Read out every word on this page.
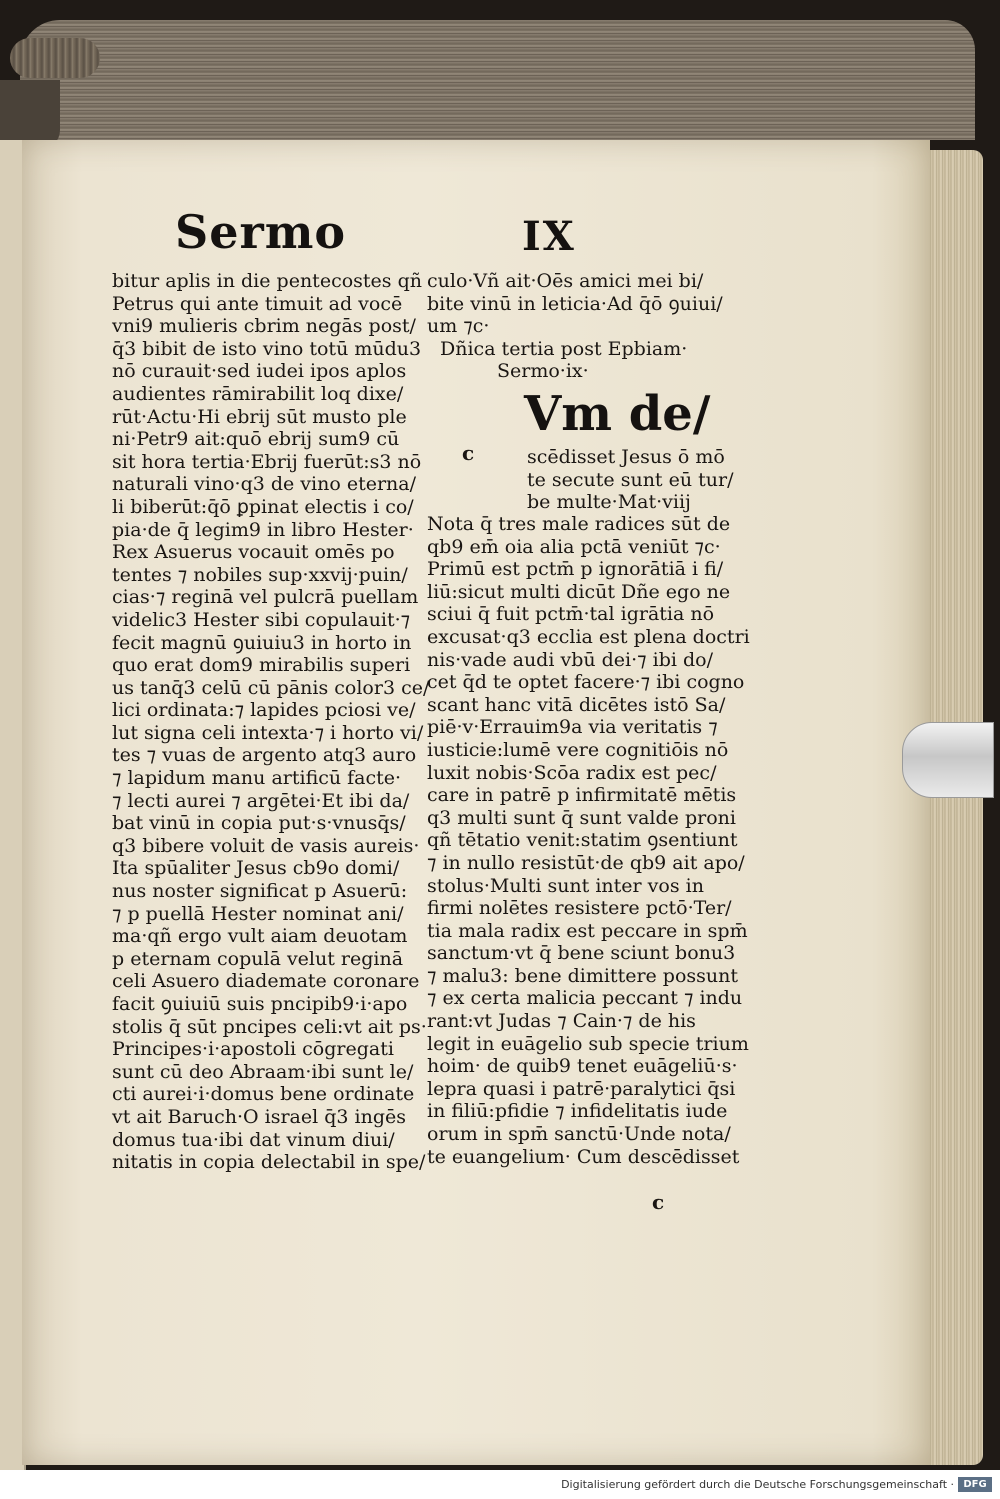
Sermo	IX
bitur aplis in die pentecostes qñ
Petrus qui ante timuit ad vocē
vni9 mulieris cbrim negās post/
q̄3 bibit de isto vino totū mūdu3
nō curauit·sed iudei ipos aplos
audientes rāmirabilit loq dixe/
rūt·Actu·Hi ebrij sūt musto ple
ni·Petr9 ait:quō ebrij sum9 cū
sit hora tertia·Ebrij fuerūt:s3 nō
naturali vino·q3 de vino eterna/
li biberūt:q̄ō ꝑpinat electis i co/
pia·de q̄ legim9 in libro Hester·
Rex Asuerus vocauit omēs po
tentes ⁊ nobiles sup·xxvij·puin/
cias·⁊ reginā vel pulcrā puellam
videlic3 Hester sibi copulauit·⁊
fecit magnū ꝯuiuiu3 in horto in
quo erat dom9 mirabilis superi
us tanq̄3 celū cū pānis color3 ce/
lici ordinata:⁊ lapides pciosi ve/
lut signa celi intexta·⁊ i horto vi/
tes ⁊ vuas de argento atq3 auro
⁊ lapidum manu artificū facte·
⁊ lecti aurei ⁊ argētei·Et ibi da/
bat vinū in copia put·s·vnusq̄s/
q3 bibere voluit de vasis aureis·
Ita spūaliter Jesus cb9o domi/
nus noster significat p Asuerū:
⁊ p puellā Hester nominat ani/
ma·qñ ergo vult aiam deuotam
p eternam copulā velut reginā
celi Asuero diademate coronare
facit ꝯuiuiū suis pncipib9·i·apo
stolis q̄ sūt pncipes celi:vt ait ps·
Principes·i·apostoli cōgregati
sunt cū deo Abraam·ibi sunt le/
cti aurei·i·domus bene ordinate
vt ait Baruch·O israel q̄3 ingēs
domus tua·ibi dat vinum diui/
nitatis in copia delectabil in spe/
culo·Vñ ait·Oēs amici mei bi/
bite vinū in leticia·Ad q̄ō ꝯuiui/
um ⁊c·
Dñica tertia post Epbiam·
Sermo·ix·
Vm de/
c	scēdisset Jesus ō mō
te secute sunt eū tur/
be multe·Mat·viij
Nota q̄ tres male radices sūt de
qb9 em̄ oia alia pctā veniūt ⁊c·
Primū est pctm̄ p ignorātiā i fi/
liū:sicut multi dicūt Dñe ego ne
sciui q̄ fuit pctm̄·tal igrātia nō
excusat·q3 ecclia est plena doctri
nis·vade audi vbū dei·⁊ ibi do/
cet q̄d te optet facere·⁊ ibi cogno
scant hanc vitā dicētes istō Sa/
piē·v·Errauim9a via veritatis ⁊
iusticie:lumē vere cognitiōis nō
luxit nobis·Scōa radix est pec/
care in patrē p infirmitatē mētis
q3 multi sunt q̄ sunt valde proni
qñ tētatio venit:statim ꝯsentiunt
⁊ in nullo resistūt·de qb9 ait apo/
stolus·Multi sunt inter vos in
firmi nolētes resistere pctō·Ter/
tia mala radix est peccare in spm̄
sanctum·vt q̄ bene sciunt bonu3
⁊ malu3: bene dimittere possunt
⁊ ex certa malicia peccant ⁊ indu
rant:vt Judas ⁊ Cain·⁊ de his
legit in euāgelio sub specie trium
hoim· de quib9 tenet euāgeliū·s·
lepra quasi i patrē·paralytici q̄si
in filiū:pfidie ⁊ infidelitatis iude
orum in spm̄ sanctū·Unde nota/
te euangelium· Cum descēdisset
c
Digitalisierung gefördert durch die Deutsche Forschungsgemeinschaft · DFG
